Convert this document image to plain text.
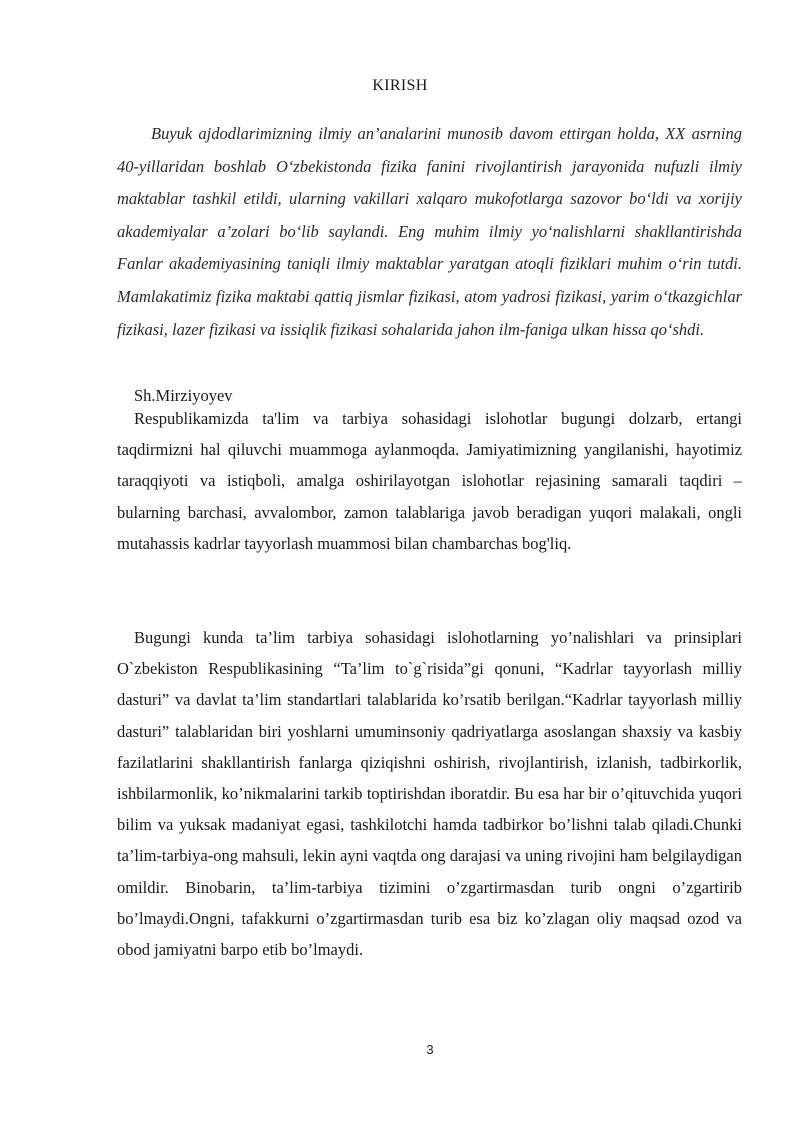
KIRISH
Buyuk ajdodlarimizning ilmiy an’analarini munosib davom ettirgan holda, XX asrning 40-yillaridan boshlab O‘zbekistonda fizika fanini rivojlantirish jarayonida nufuzli ilmiy maktablar tashkil etildi, ularning vakillari xalqaro mukofotlarga sazovor bo‘ldi va xorijiy akademiyalar a’zolari bo‘lib saylandi. Eng muhim ilmiy yo‘nalishlarni shakllantirishda Fanlar akademiyasining taniqli ilmiy maktablar yaratgan atoqli fiziklari muhim o‘rin tutdi. Mamlakatimiz fizika maktabi qattiq jismlar fizikasi, atom yadrosi fizikasi, yarim o‘tkazgichlar fizikasi, lazer fizikasi va issiqlik fizikasi sohalarida jahon ilm-faniga ulkan hissa qo‘shdi.
Sh.Mirziyoyev
Respublikamizda ta'lim va tarbiya sohasidagi islohotlar bugungi dolzarb, ertangi taqdirmizni hal qiluvchi muammoga aylanmoqda. Jamiyatimizning yangilanishi, hayotimiz taraqqiyoti va istiqboli, amalga oshirilayotgan islohotlar rejasining samarali taqdiri – bularning barchasi, avvalombor, zamon talablariga javob beradigan yuqori malakali, ongli mutahassis kadrlar tayyorlash muammosi bilan chambarchas bog'liq.
Bugungi kunda ta’lim tarbiya sohasidagi islohotlarning yo’nalishlari va prinsiplari O`zbekiston Respublikasining “Ta’lim to`g`risida”gi qonuni, “Kadrlar tayyorlash milliy dasturi” va davlat ta’lim standartlari talablarida ko’rsatib berilgan.“Kadrlar tayyorlash milliy dasturi” talablaridan biri yoshlarni umuminsoniy qadriyatlarga asoslangan shaxsiy va kasbiy fazilatlarini shakllantirish fanlarga qiziqishni oshirish, rivojlantirish, izlanish, tadbirkorlik, ishbilarmonlik, ko’nikmalarini tarkib toptirishdan iboratdir. Bu esa har bir o’qituvchida yuqori bilim va yuksak madaniyat egasi, tashkilotchi hamda tadbirkor bo’lishni talab qiladi.Chunki ta’lim-tarbiya-ong mahsuli, lekin ayni vaqtda ong darajasi va uning rivojini ham belgilaydigan omildir. Binobarin, ta’lim-tarbiya tizimini o’zgartirmasdan turib ongni o’zgartirib bo’lmaydi.Ongni, tafakkurni o’zgartirmasdan turib esa biz ko’zlagan oliy maqsad ozod va obod jamiyatni barpo etib bo’lmaydi.
3
